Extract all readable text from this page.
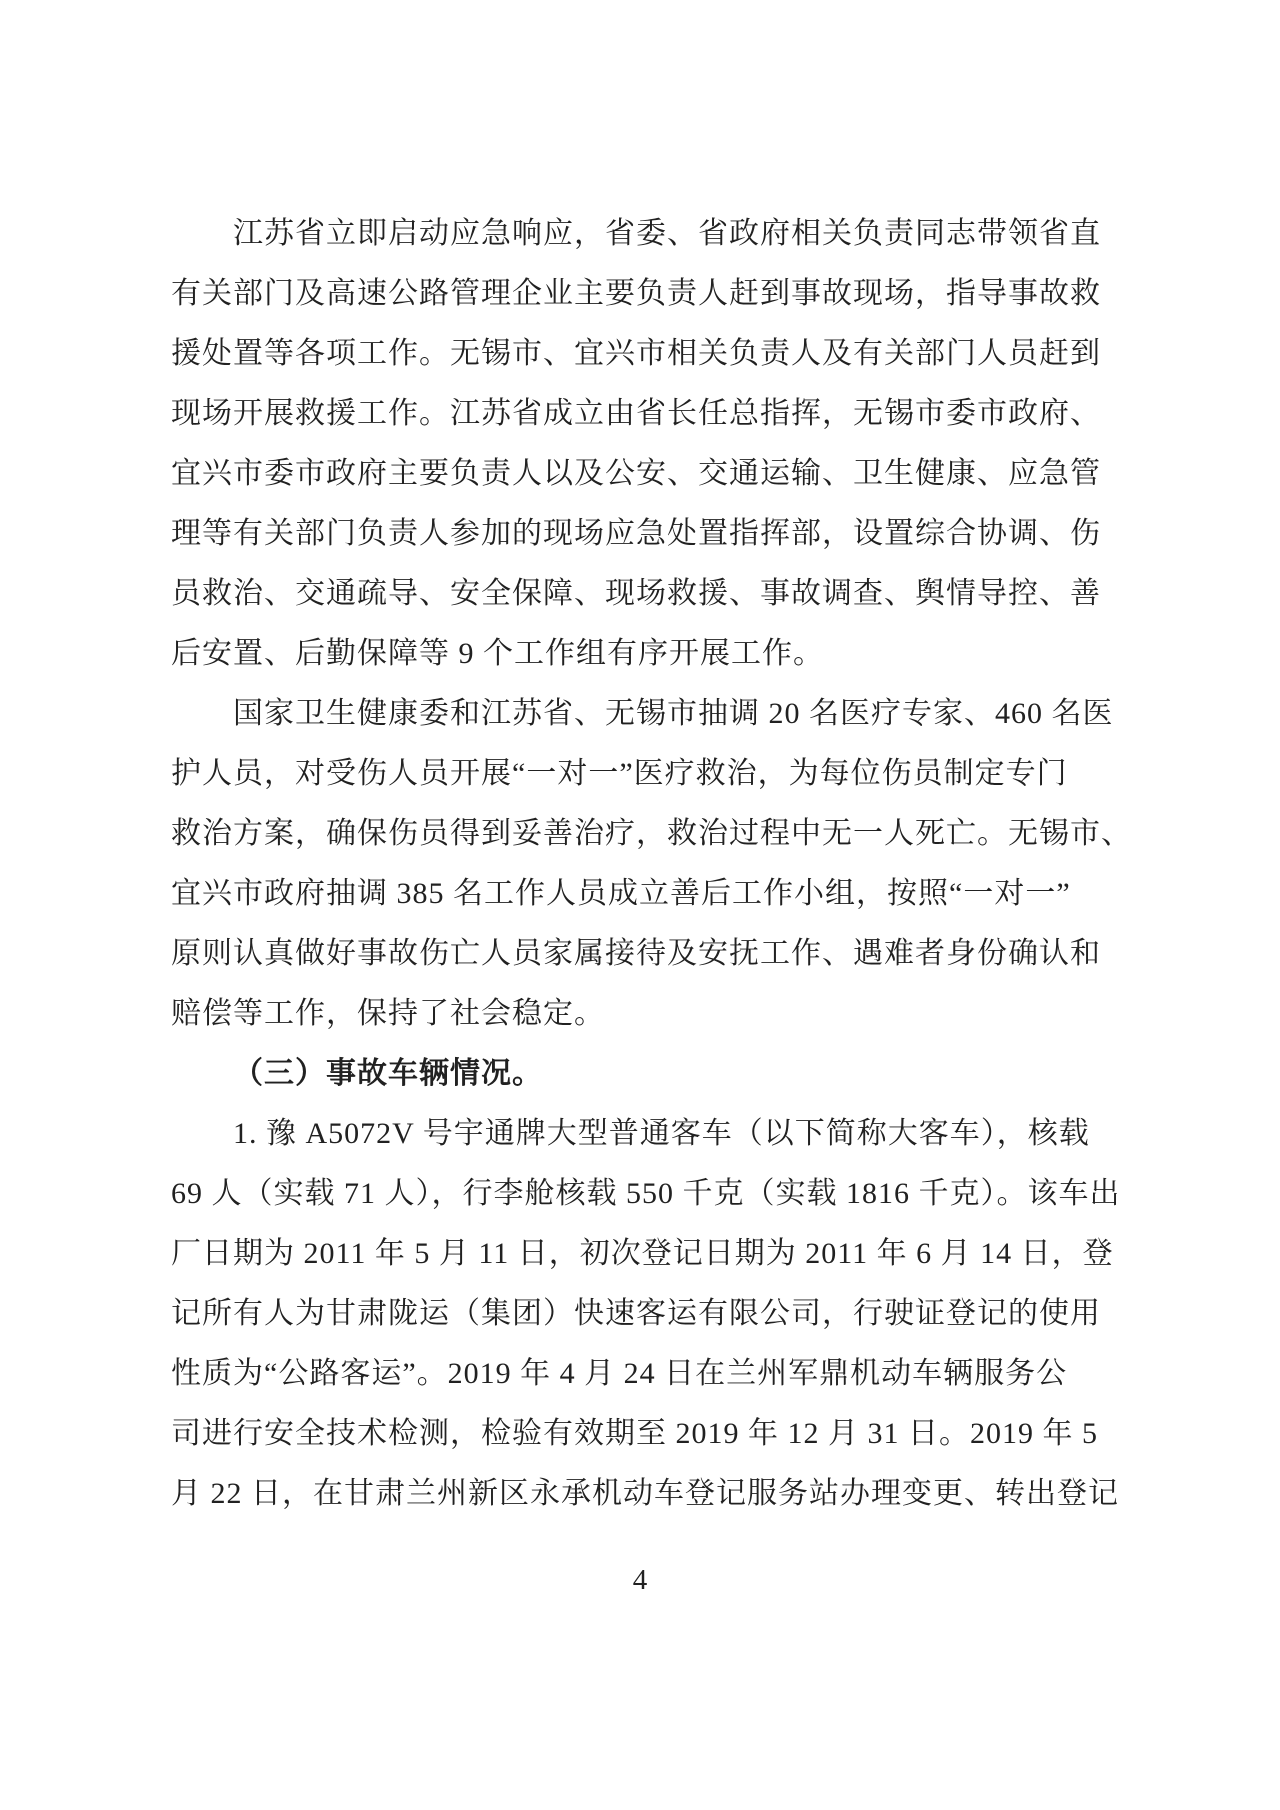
江苏省立即启动应急响应，省委、省政府相关负责同志带领省直
有关部门及高速公路管理企业主要负责人赶到事故现场，指导事故救
援处置等各项工作。无锡市、宜兴市相关负责人及有关部门人员赶到
现场开展救援工作。江苏省成立由省长任总指挥，无锡市委市政府、
宜兴市委市政府主要负责人以及公安、交通运输、卫生健康、应急管
理等有关部门负责人参加的现场应急处置指挥部，设置综合协调、伤
员救治、交通疏导、安全保障、现场救援、事故调查、舆情导控、善
后安置、后勤保障等 9 个工作组有序开展工作。
国家卫生健康委和江苏省、无锡市抽调 20 名医疗专家、460 名医
护人员，对受伤人员开展“一对一”医疗救治，为每位伤员制定专门
救治方案，确保伤员得到妥善治疗，救治过程中无一人死亡。无锡市、
宜兴市政府抽调 385 名工作人员成立善后工作小组，按照“一对一”
原则认真做好事故伤亡人员家属接待及安抚工作、遇难者身份确认和
赔偿等工作，保持了社会稳定。
（三）事故车辆情况。
1. 豫 A5072V 号宇通牌大型普通客车（以下简称大客车），核载
69 人（实载 71 人），行李舱核载 550 千克（实载 1816 千克）。该车出
厂日期为 2011 年 5 月 11 日，初次登记日期为 2011 年 6 月 14 日，登
记所有人为甘肃陇运（集团）快速客运有限公司，行驶证登记的使用
性质为“公路客运”。2019 年 4 月 24 日在兰州军鼎机动车辆服务公
司进行安全技术检测，检验有效期至 2019 年 12 月 31 日。2019 年 5
月 22 日，在甘肃兰州新区永承机动车登记服务站办理变更、转出登记
4
